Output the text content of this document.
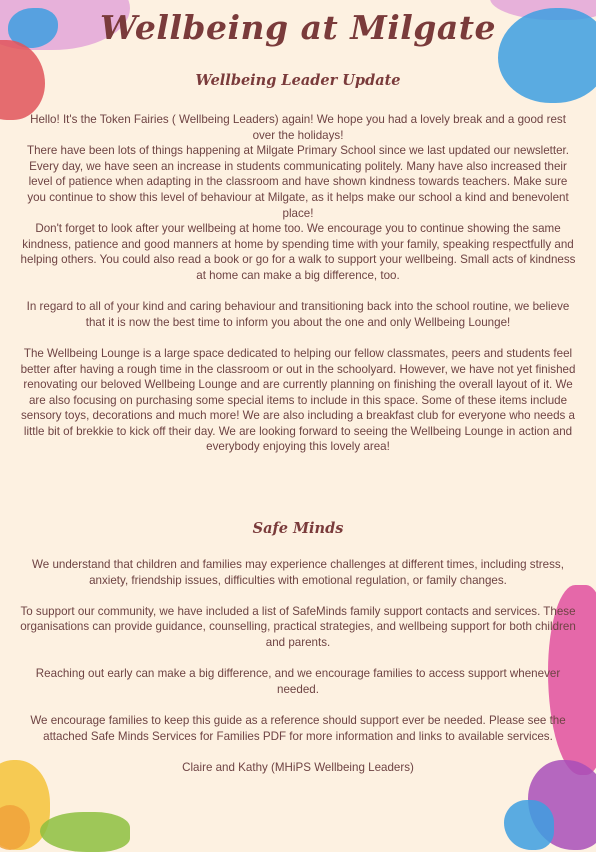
Wellbeing at Milgate
Wellbeing Leader Update

Hello! It's the Token Fairies ( Wellbeing Leaders) again! We hope you had a lovely break and a good rest over the holidays!

There have been lots of things happening at Milgate Primary School since we last updated our newsletter. Every day, we have seen an increase in students communicating politely. Many have also increased their level of patience when adapting in the classroom and have shown kindness towards teachers. Make sure you continue to show this level of behaviour at Milgate, as it helps make our school a kind and benevolent place!

Don't forget to look after your wellbeing at home too. We encourage you to continue showing the same kindness, patience and good manners at home by spending time with your family, speaking respectfully and helping others. You could also read a book or go for a walk to support your wellbeing. Small acts of kindness at home can make a big difference, too.

In regard to all of your kind and caring behaviour and transitioning back into the school routine, we believe that it is now the best time to inform you about the one and only Wellbeing Lounge!

The Wellbeing Lounge is a large space dedicated to helping our fellow classmates, peers and students feel better after having a rough time in the classroom or out in the schoolyard. However, we have not yet finished renovating our beloved Wellbeing Lounge and are currently planning on finishing the overall layout of it. We are also focusing on purchasing some special items to include in this space. Some of these items include sensory toys, decorations and much more! We are also including a breakfast club for everyone who needs a little bit of brekkie to kick off their day. We are looking forward to seeing the Wellbeing Lounge in action and everybody enjoying this lovely area!

Safe Minds

We understand that children and families may experience challenges at different times, including stress, anxiety, friendship issues, difficulties with emotional regulation, or family changes.

To support our community, we have included a list of SafeMinds family support contacts and services. These organisations can provide guidance, counselling, practical strategies, and wellbeing support for both children and parents.

Reaching out early can make a big difference, and we encourage families to access support whenever needed.

We encourage families to keep this guide as a reference should support ever be needed. Please see the attached Safe Minds Services for Families PDF for more information and links to available services.

Claire and Kathy (MHiPS Wellbeing Leaders)
